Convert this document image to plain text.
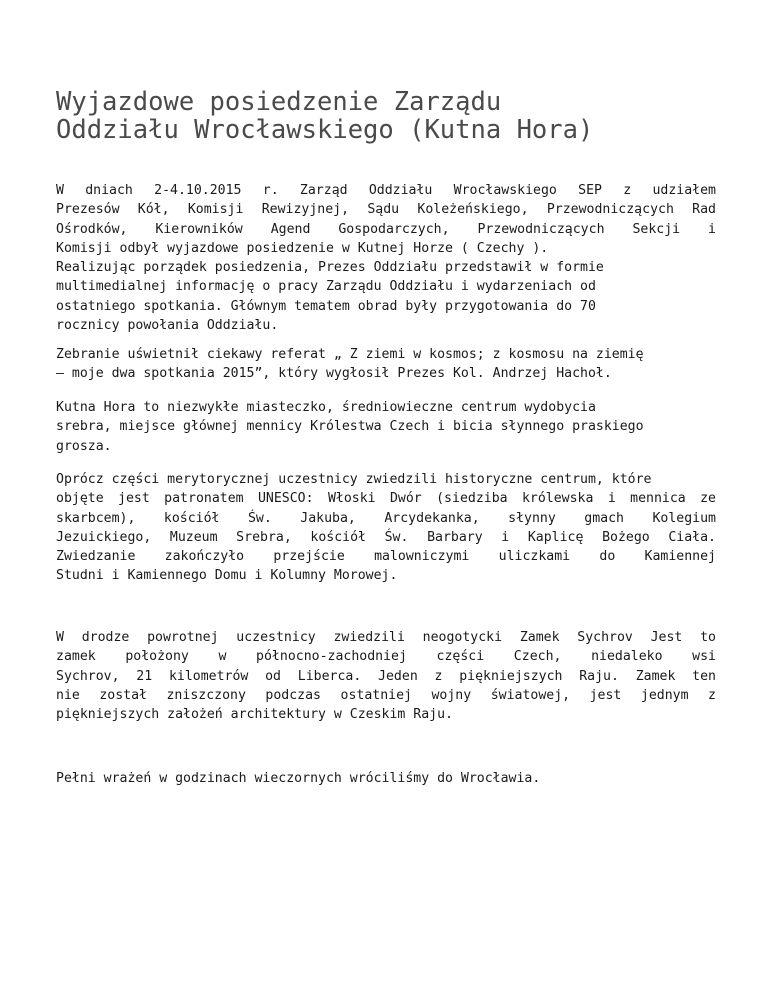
Wyjazdowe posiedzenie Zarządu
Oddziału Wrocławskiego (Kutna Hora)

W dniach 2-4.10.2015 r. Zarząd Oddziału Wrocławskiego SEP z udziałem
Prezesów Kół, Komisji Rewizyjnej, Sądu Koleżeńskiego, Przewodniczących Rad
Ośrodków, Kierowników Agend Gospodarczych, Przewodniczących Sekcji i
Komisji odbył wyjazdowe posiedzenie w Kutnej Horze ( Czechy ).
Realizując porządek posiedzenia, Prezes Oddziału przedstawił w formie
multimedialnej informację o pracy Zarządu Oddziału i wydarzeniach od
ostatniego spotkania. Głównym tematem obrad były przygotowania do 70
rocznicy powołania Oddziału.

Zebranie uświetnił ciekawy referat „ Z ziemi w kosmos; z kosmosu na ziemię
– moje dwa spotkania 2015”, który wygłosił Prezes Kol. Andrzej Hachoł.

Kutna Hora to niezwykłe miasteczko, średniowieczne centrum wydobycia
srebra, miejsce głównej mennicy Królestwa Czech i bicia słynnego praskiego
grosza.

Oprócz części merytorycznej uczestnicy zwiedzili historyczne centrum, które
objęte jest patronatem UNESCO: Włoski Dwór (siedziba królewska i mennica ze
skarbcem), kościół Św. Jakuba, Arcydekanka, słynny gmach Kolegium
Jezuickiego, Muzeum Srebra, kościół Św. Barbary i Kaplicę Bożego Ciała.
Zwiedzanie zakończyło przejście malowniczymi uliczkami do Kamiennej
Studni i Kamiennego Domu i Kolumny Morowej.

W drodze powrotnej uczestnicy zwiedzili neogotycki Zamek Sychrov Jest to
zamek położony w północno-zachodniej części Czech, niedaleko wsi
Sychrov, 21 kilometrów od Liberca. Jeden z piękniejszych Raju. Zamek ten
nie został zniszczony podczas ostatniej wojny światowej, jest jednym z
piękniejszych założeń architektury w Czeskim Raju.

Pełni wrażeń w godzinach wieczornych wróciliśmy do Wrocławia.
